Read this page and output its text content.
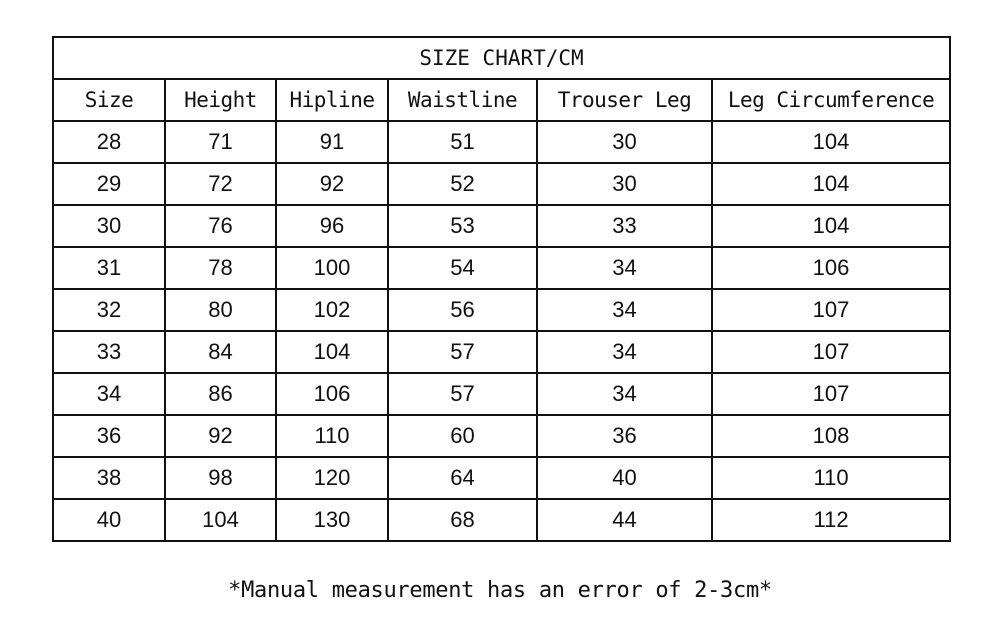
SIZE CHART/CM					
Size	Height	Hipline	Waistline	Trouser Leg	Leg Circumference
28	71	91	51	30	104
29	72	92	52	30	104
30	76	96	53	33	104
31	78	100	54	34	106
32	80	102	56	34	107
33	84	104	57	34	107
34	86	106	57	34	107
36	92	110	60	36	108
38	98	120	64	40	110
40	104	130	68	44	112
*Manual measurement has an error of 2-3cm*
